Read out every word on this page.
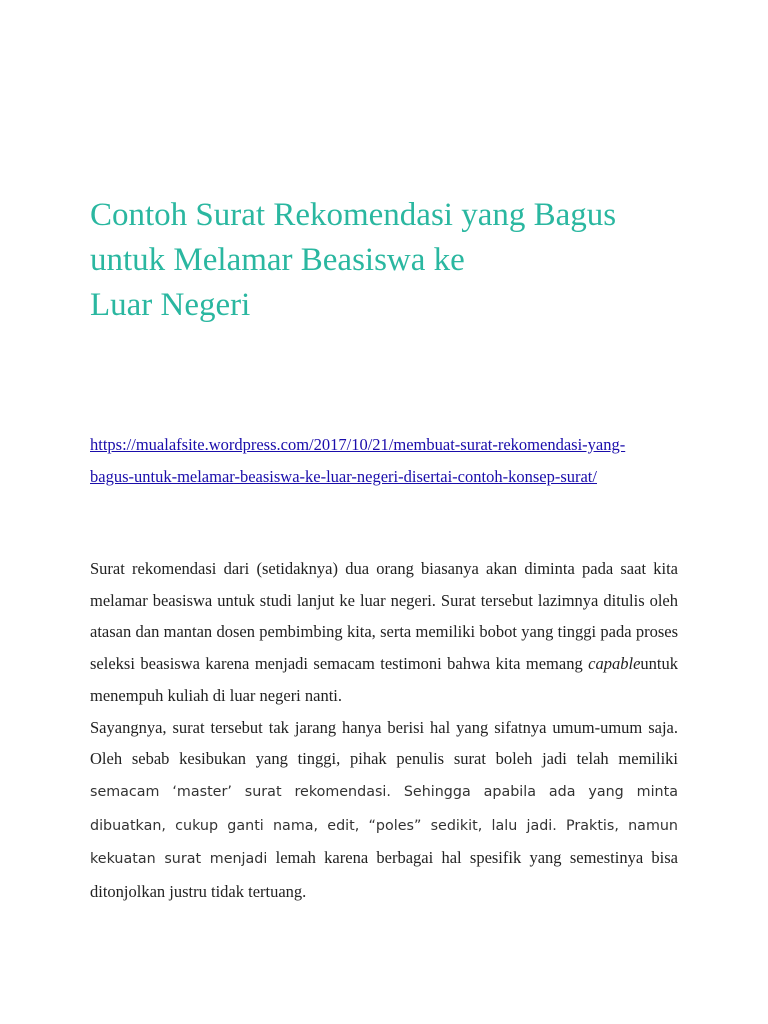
Contoh Surat Rekomendasi yang Bagus
untuk Melamar Beasiswa ke
Luar Negeri
https://mualafsite.wordpress.com/2017/10/21/membuat-surat-rekomendasi-yang-
bagus-untuk-melamar-beasiswa-ke-luar-negeri-disertai-contoh-konsep-surat/

Surat rekomendasi dari (setidaknya) dua orang biasanya akan diminta pada saat kita melamar beasiswa untuk studi lanjut ke luar negeri. Surat tersebut lazimnya ditulis oleh atasan dan mantan dosen pembimbing kita, serta memiliki bobot yang tinggi pada proses seleksi beasiswa karena menjadi semacam testimoni bahwa kita memang capableuntuk menempuh kuliah di luar negeri nanti.

Sayangnya, surat tersebut tak jarang hanya berisi hal yang sifatnya umum-umum saja. Oleh sebab kesibukan yang tinggi, pihak penulis surat boleh jadi telah memiliki semacam ‘master’ surat rekomendasi. Sehingga apabila ada yang minta dibuatkan, cukup ganti nama, edit, “poles” sedikit, lalu jadi. Praktis, namun kekuatan surat menjadi lemah karena berbagai hal spesifik yang semestinya bisa ditonjolkan justru tidak tertuang.
